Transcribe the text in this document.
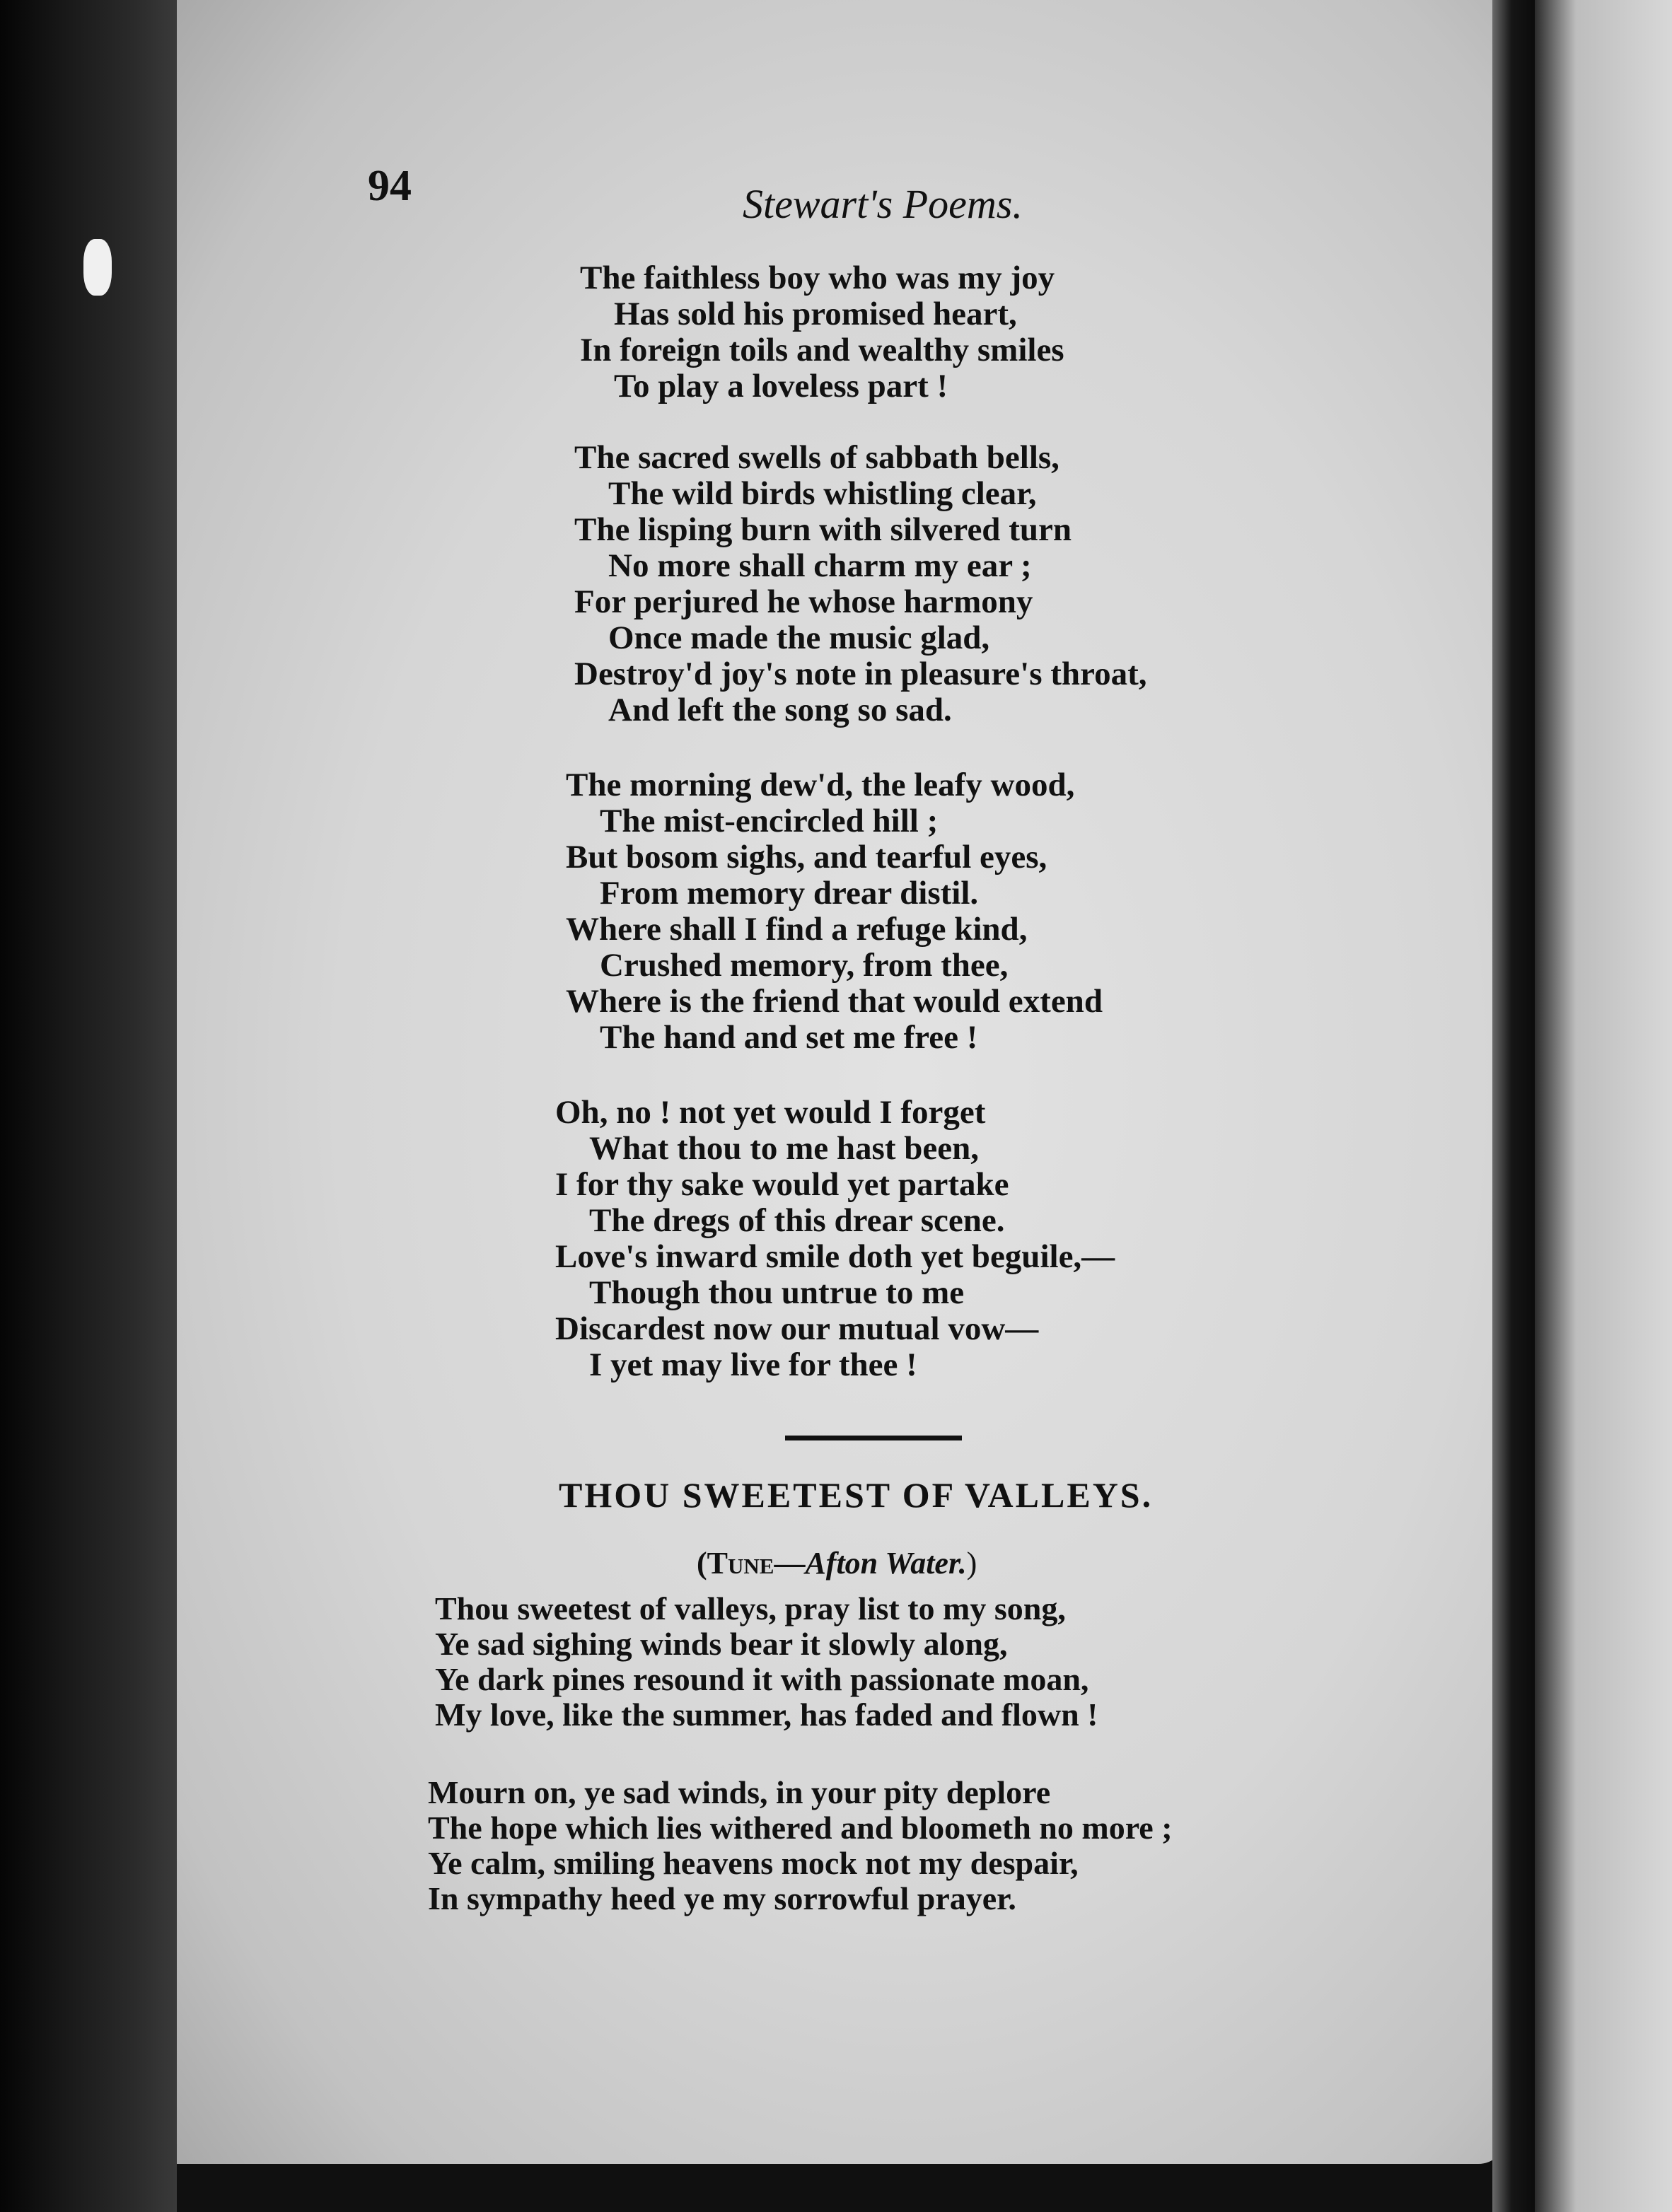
94	Stewart's Poems.
The faithless boy who was my joy
Has sold his promised heart,
In foreign toils and wealthy smiles
To play a loveless part !
The sacred swells of sabbath bells,
The wild birds whistling clear,
The lisping burn with silvered turn
No more shall charm my ear ;
For perjured he whose harmony
Once made the music glad,
Destroy'd joy's note in pleasure's throat,
And left the song so sad.
The morning dew'd, the leafy wood,
The mist-encircled hill ;
But bosom sighs, and tearful eyes,
From memory drear distil.
Where shall I find a refuge kind,
Crushed memory, from thee,
Where is the friend that would extend
The hand and set me free !
Oh, no ! not yet would I forget
What thou to me hast been,
I for thy sake would yet partake
The dregs of this drear scene.
Love's inward smile doth yet beguile,—
Though thou untrue to me
Discardest now our mutual vow—
I yet may live for thee !
THOU SWEETEST OF VALLEYS.
(Tune—Afton Water.)
Thou sweetest of valleys, pray list to my song,
Ye sad sighing winds bear it slowly along,
Ye dark pines resound it with passionate moan,
My love, like the summer, has faded and flown !
Mourn on, ye sad winds, in your pity deplore
The hope which lies withered and bloometh no more ;
Ye calm, smiling heavens mock not my despair,
In sympathy heed ye my sorrowful prayer.
